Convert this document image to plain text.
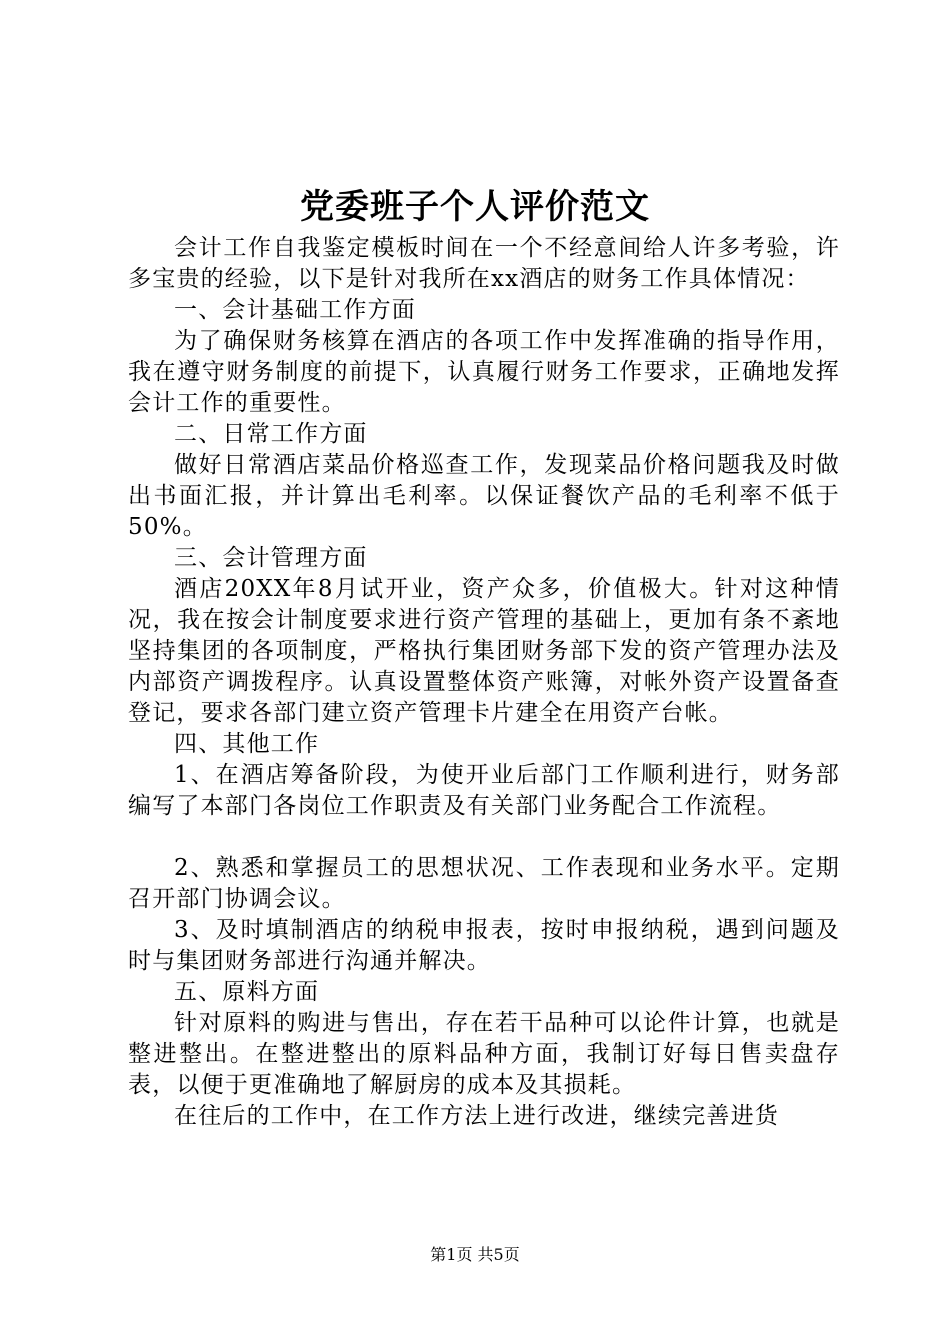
党委班子个人评价范文

会计工作自我鉴定模板时间在一个不经意间给人许多考验，许多宝贵的经验，以下是针对我所在xx酒店的财务工作具体情况：

一、会计基础工作方面

为了确保财务核算在酒店的各项工作中发挥准确的指导作用，我在遵守财务制度的前提下，认真履行财务工作要求，正确地发挥会计工作的重要性。

二、日常工作方面

做好日常酒店菜品价格巡查工作，发现菜品价格问题我及时做出书面汇报，并计算出毛利率。以保证餐饮产品的毛利率不低于50%。

三、会计管理方面

酒店20XX年8月试开业，资产众多，价值极大。针对这种情况，我在按会计制度要求进行资产管理的基础上，更加有条不紊地坚持集团的各项制度，严格执行集团财务部下发的资产管理办法及内部资产调拨程序。认真设置整体资产账簿，对帐外资产设置备查登记，要求各部门建立资产管理卡片建全在用资产台帐。

四、其他工作

1、在酒店筹备阶段，为使开业后部门工作顺利进行，财务部编写了本部门各岗位工作职责及有关部门业务配合工作流程。

2、熟悉和掌握员工的思想状况、工作表现和业务水平。定期召开部门协调会议。

3、及时填制酒店的纳税申报表，按时申报纳税，遇到问题及时与集团财务部进行沟通并解决。

五、原料方面

针对原料的购进与售出，存在若干品种可以论件计算，也就是整进整出。在整进整出的原料品种方面，我制订好每日售卖盘存表，以便于更准确地了解厨房的成本及其损耗。

在往后的工作中，在工作方法上进行改进，继续完善进货

第1页 共5页
